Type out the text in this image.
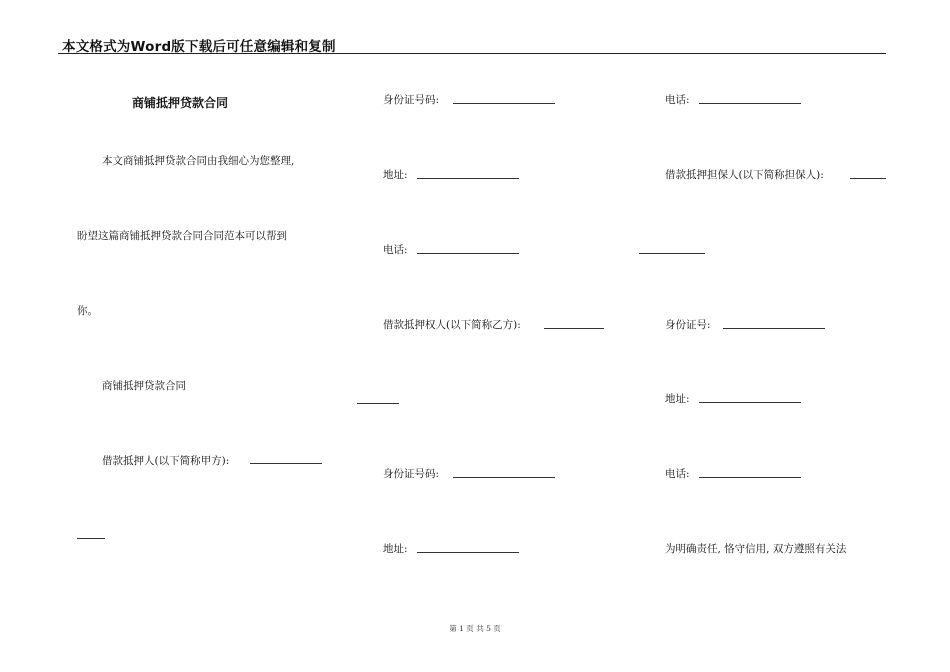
本文格式为Word版下载后可任意编辑和复制
商铺抵押贷款合同
本文商铺抵押贷款合同由我细心为您整理,
盼望这篇商铺抵押贷款合同合同范本可以帮到
你。
商铺抵押贷款合同
借款抵押人(以下简称甲方):
身份证号码:
地址:
电话:
借款抵押权人(以下简称乙方):
身份证号码:
地址:
电话:
借款抵押担保人(以下简称担保人):
身份证号:
地址:
电话:
为明确责任, 恪守信用, 双方遵照有关法
第 1 页 共 5 页
